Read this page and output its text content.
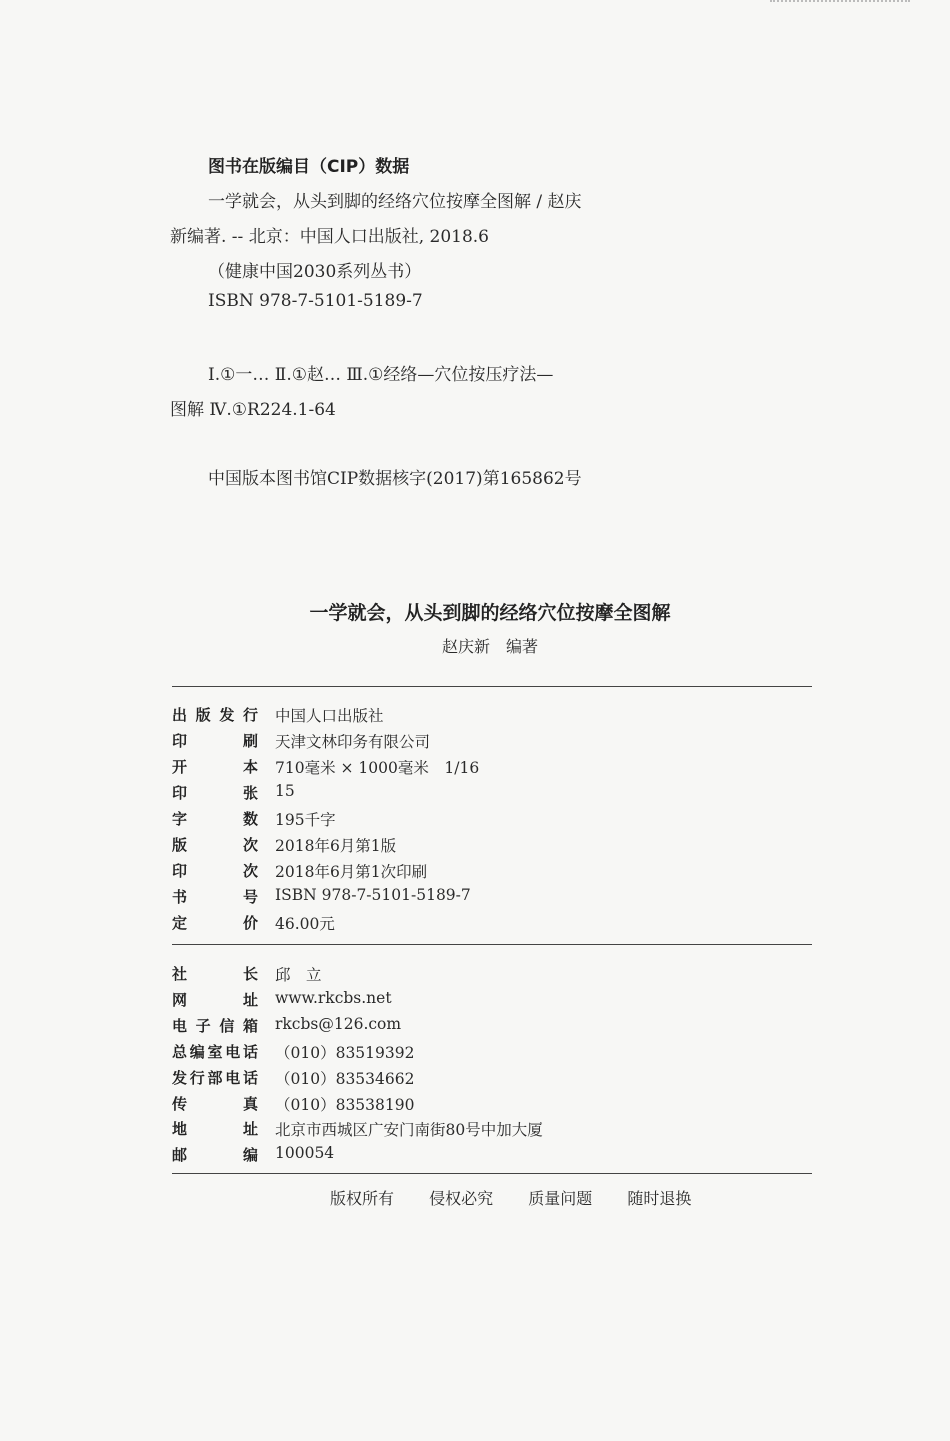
图书在版编目（CIP）数据
一学就会，从头到脚的经络穴位按摩全图解 / 赵庆
新编著. -- 北京：中国人口出版社, 2018.6
（健康中国2030系列丛书）
ISBN 978-7-5101-5189-7
Ⅰ.①一… Ⅱ.①赵… Ⅲ.①经络—穴位按压疗法—
图解 Ⅳ.①R224.1-64
中国版本图书馆CIP数据核字(2017)第165862号
一学就会，从头到脚的经络穴位按摩全图解
赵庆新　编著
出 版 发 行 中国人口出版社
印	刷 天津文林印务有限公司
开	本 710毫米 × 1000毫米　1/16
印	张 15
字	数 195千字
版	次 2018年6月第1版
印	次 2018年6月第1次印刷
书	号 ISBN 978-7-5101-5189-7
定	价 46.00元
社	长 邱　立
网	址 www.rkcbs.net
电 子 信 箱 rkcbs@126.com
总 编 室 电 话 （010）83519392
发 行 部 电 话 （010）83534662
传	真 （010）83538190
地	址 北京市西城区广安门南街80号中加大厦
邮	编 100054
版权所有 侵权必究 质量问题 随时退换
